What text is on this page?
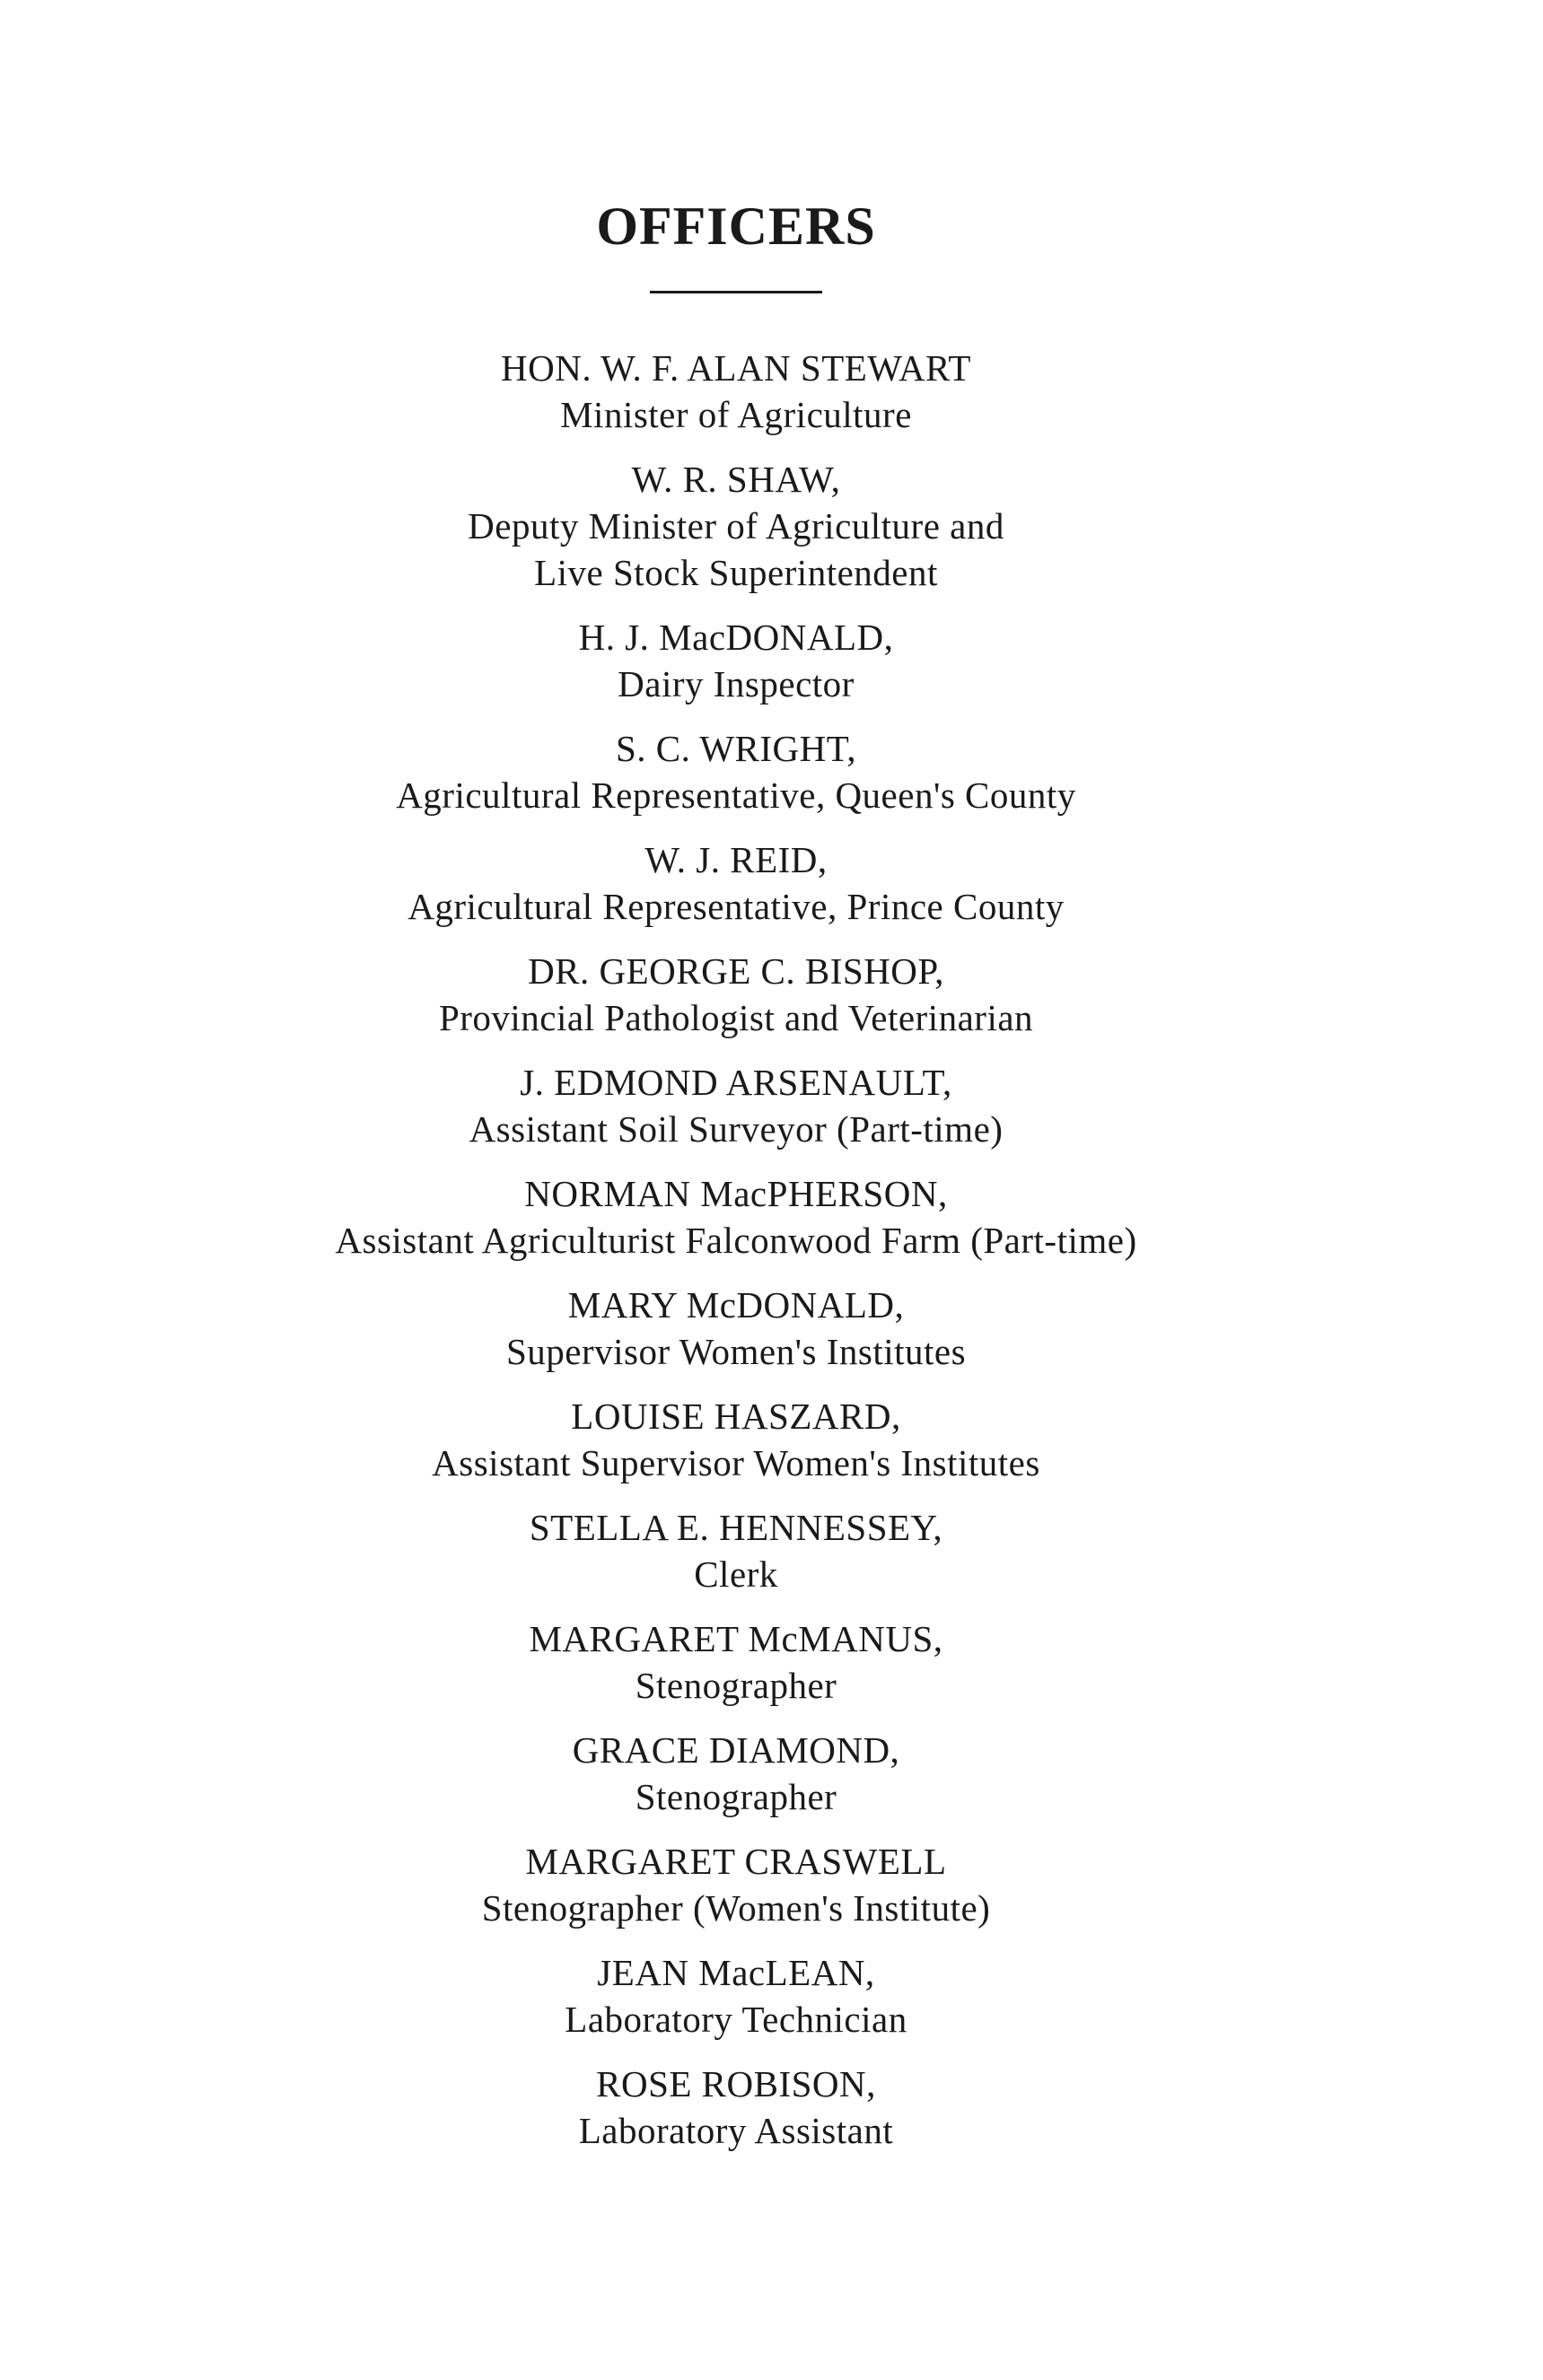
OFFICERS
HON. W. F. ALAN STEWART
Minister of Agriculture
W. R. SHAW,
Deputy Minister of Agriculture and
Live Stock Superintendent
H. J. MacDONALD,
Dairy Inspector
S. C. WRIGHT,
Agricultural Representative, Queen's County
W. J. REID,
Agricultural Representative, Prince County
DR. GEORGE C. BISHOP,
Provincial Pathologist and Veterinarian
J. EDMOND ARSENAULT,
Assistant Soil Surveyor (Part-time)
NORMAN MacPHERSON,
Assistant Agriculturist Falconwood Farm (Part-time)
MARY McDONALD,
Supervisor Women's Institutes
LOUISE HASZARD,
Assistant Supervisor Women's Institutes
STELLA E. HENNESSEY,
Clerk
MARGARET McMANUS,
Stenographer
GRACE DIAMOND,
Stenographer
MARGARET CRASWELL
Stenographer (Women's Institute)
JEAN MacLEAN,
Laboratory Technician
ROSE ROBISON,
Laboratory Assistant
